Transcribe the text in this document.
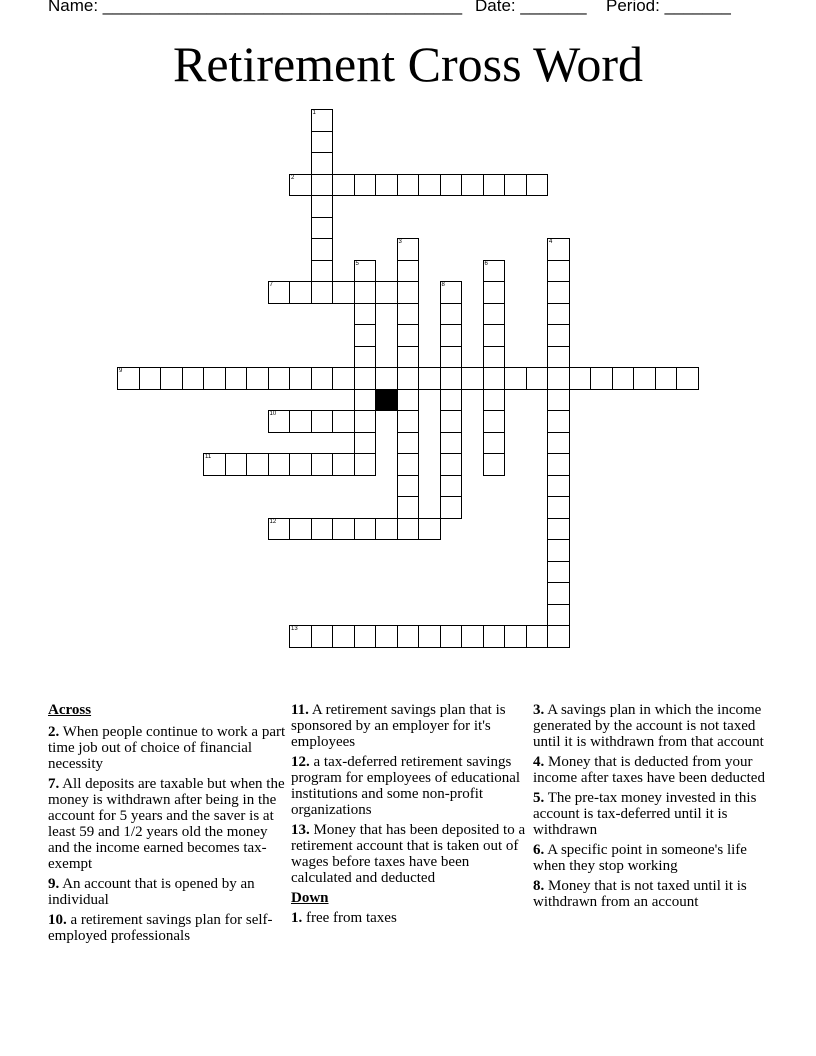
Name: ______________________________________ Date: _______ Period: _______
Retirement Cross Word
1
2
3	4
5	6
7	8
9
10
11
12
13
Across
2. When people continue to work a part time job out of choice of financial necessity
7. All deposits are taxable but when the money is withdrawn after being in the account for 5 years and the saver is at least 59 and 1/2 years old the money and the income earned becomes tax-exempt
9. An account that is opened by an individual
10. a retirement savings plan for self-employed professionals
11. A retirement savings plan that is sponsored by an employer for it's employees
12. a tax-deferred retirement savings program for employees of educational institutions and some non-profit organizations
13. Money that has been deposited to a retirement account that is taken out of wages before taxes have been calculated and deducted
Down
1. free from taxes
3. A savings plan in which the income generated by the account is not taxed until it is withdrawn from that account
4. Money that is deducted from your income after taxes have been deducted
5. The pre-tax money invested in this account is tax-deferred until it is withdrawn
6. A specific point in someone's life when they stop working
8. Money that is not taxed until it is withdrawn from an account
